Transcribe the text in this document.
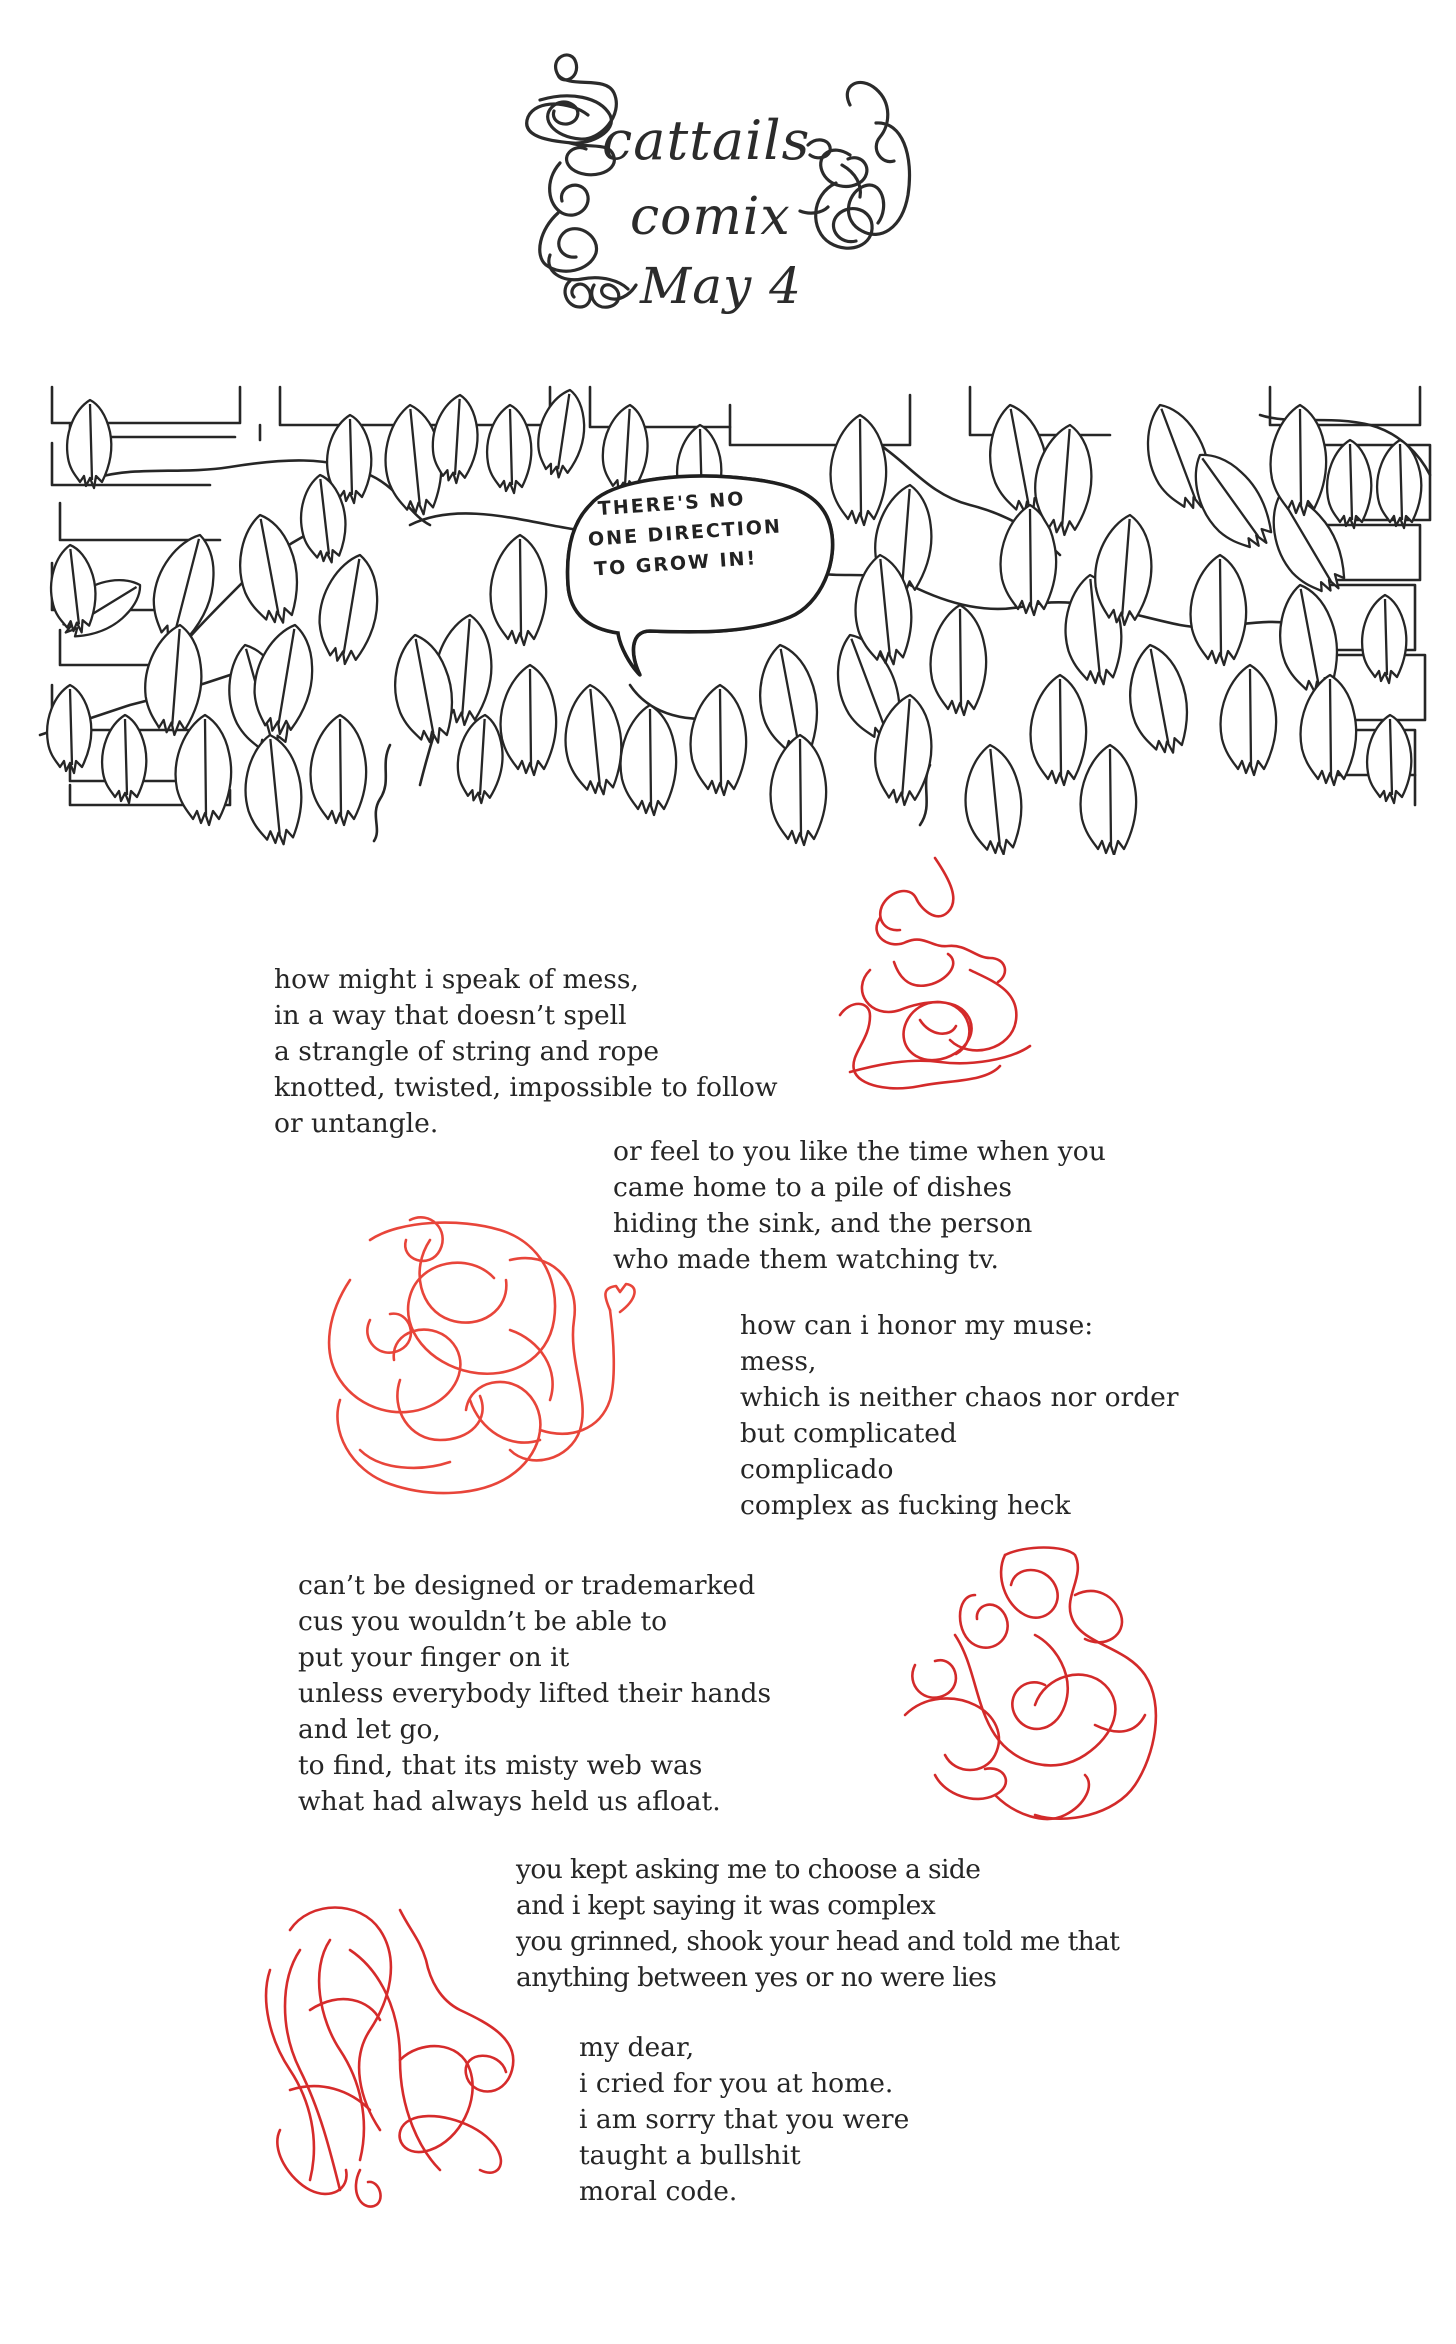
cattails
comix
May 4
THERE'S NO
ONE DIRECTION
TO GROW IN!
how might i speak of mess,
in a way that doesn’t spell
a strangle of string and rope
knotted, twisted, impossible to follow
or untangle.
or feel to you like the time when you
came home to a pile of dishes
hiding the sink, and the person
who made them watching tv.
how can i honor my muse:
mess,
which is neither chaos nor order
but complicated
complicado
complex as fucking heck
can’t be designed or trademarked
cus you wouldn’t be able to
put your finger on it
unless everybody lifted their hands
and let go,
to find, that its misty web was
what had always held us afloat.
you kept asking me to choose a side
and i kept saying it was complex
you grinned, shook your head and told me that
anything between yes or no were lies
my dear,
i cried for you at home.
i am sorry that you were
taught a bullshit
moral code.
